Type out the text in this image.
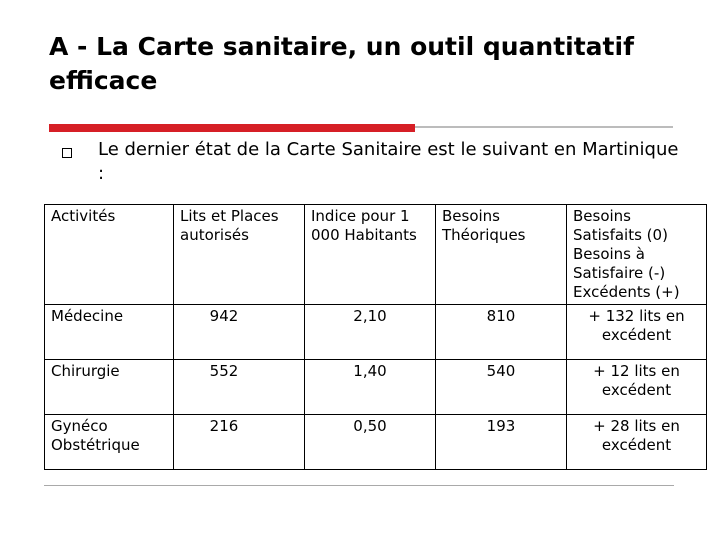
A - La Carte sanitaire, un outil quantitatif efficace

Le dernier état de la Carte Sanitaire est le suivant en Martinique :

Activités	Lits et Places autorisés	Indice pour 1 000 Habitants	Besoins Théoriques	Besoins Satisfaits (0) Besoins à Satisfaire (-) Excédents (+)
Médecine	942	2,10	810	+ 132 lits en excédent
Chirurgie	552	1,40	540	+ 12 lits en excédent
Gynéco Obstétrique	216	0,50	193	+ 28 lits en excédent
